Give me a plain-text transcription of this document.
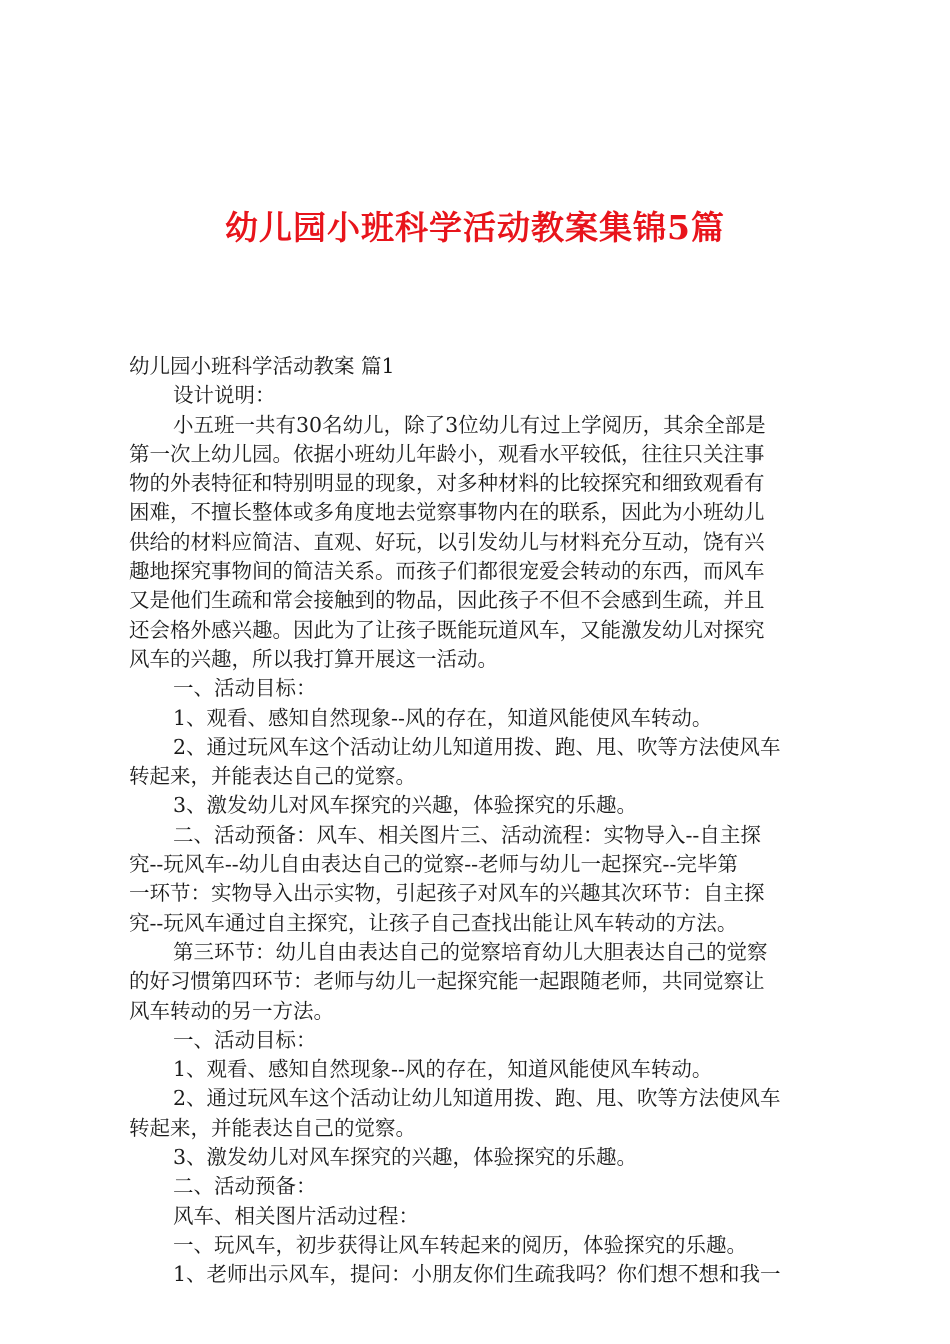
幼儿园小班科学活动教案集锦5篇
幼儿园小班科学活动教案 篇1
设计说明：
小五班一共有30名幼儿，除了3位幼儿有过上学阅历，其余全部是
第一次上幼儿园。依据小班幼儿年龄小，观看水平较低，往往只关注事
物的外表特征和特别明显的现象，对多种材料的比较探究和细致观看有
困难，不擅长整体或多角度地去觉察事物内在的联系，因此为小班幼儿
供给的材料应简洁、直观、好玩，以引发幼儿与材料充分互动，饶有兴
趣地探究事物间的简洁关系。而孩子们都很宠爱会转动的东西，而风车
又是他们生疏和常会接触到的物品，因此孩子不但不会感到生疏，并且
还会格外感兴趣。因此为了让孩子既能玩道风车，又能激发幼儿对探究
风车的兴趣，所以我打算开展这一活动。
一、活动目标：
1、观看、感知自然现象--风的存在，知道风能使风车转动。
2、通过玩风车这个活动让幼儿知道用拨、跑、甩、吹等方法使风车
转起来，并能表达自己的觉察。
3、激发幼儿对风车探究的兴趣，体验探究的乐趣。
二、活动预备：风车、相关图片三、活动流程：实物导入--自主探
究--玩风车--幼儿自由表达自己的觉察--老师与幼儿一起探究--完毕第
一环节：实物导入出示实物，引起孩子对风车的兴趣其次环节：自主探
究--玩风车通过自主探究，让孩子自己查找出能让风车转动的方法。
第三环节：幼儿自由表达自己的觉察培育幼儿大胆表达自己的觉察
的好习惯第四环节：老师与幼儿一起探究能一起跟随老师，共同觉察让
风车转动的另一方法。
一、活动目标：
1、观看、感知自然现象--风的存在，知道风能使风车转动。
2、通过玩风车这个活动让幼儿知道用拨、跑、甩、吹等方法使风车
转起来，并能表达自己的觉察。
3、激发幼儿对风车探究的兴趣，体验探究的乐趣。
二、活动预备：
风车、相关图片活动过程：
一、玩风车，初步获得让风车转起来的阅历，体验探究的乐趣。
1、老师出示风车，提问：小朋友你们生疏我吗？你们想不想和我一
